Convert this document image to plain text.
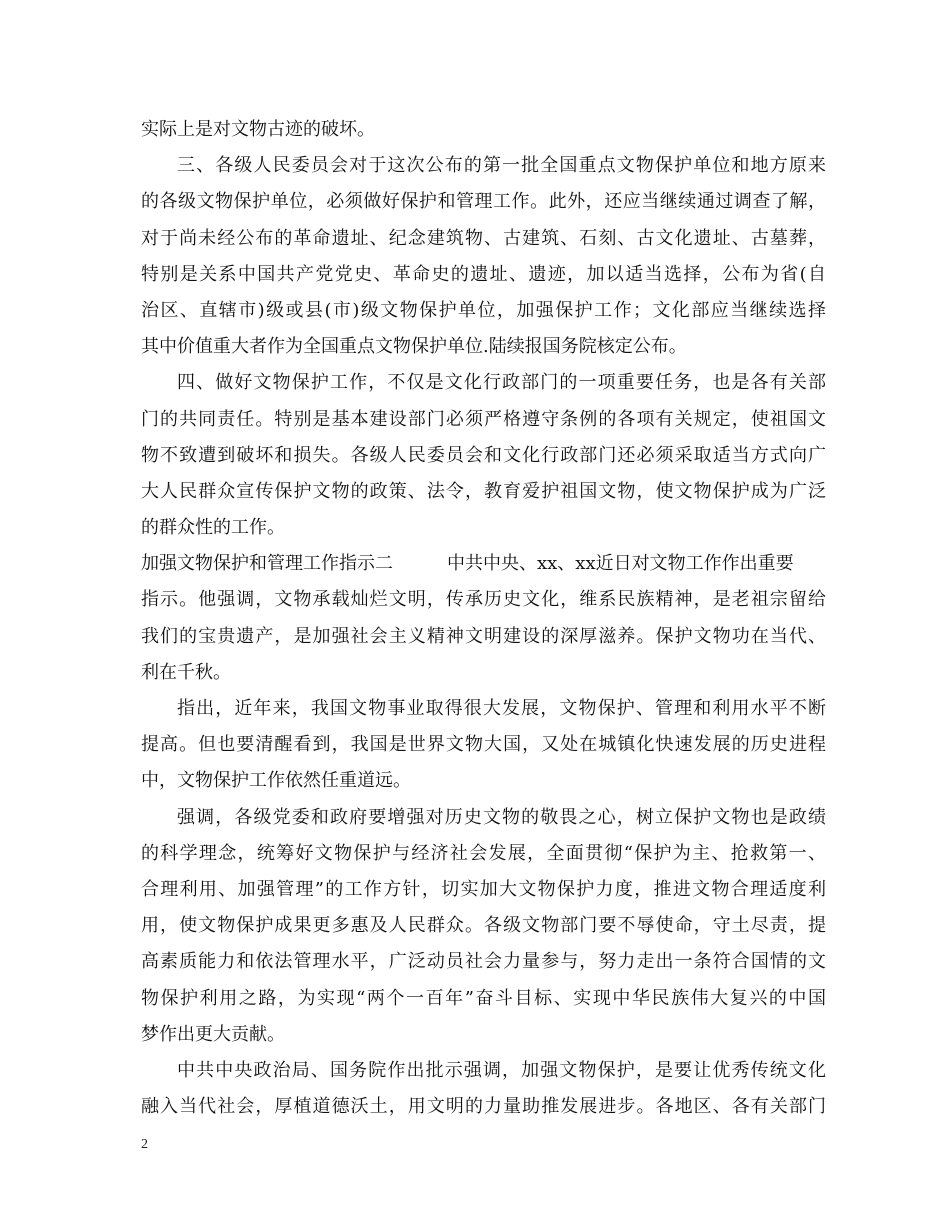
实际上是对文物古迹的破坏。
三、各级人民委员会对于这次公布的第一批全国重点文物保护单位和地方原来
的各级文物保护单位，必须做好保护和管理工作。此外，还应当继续通过调查了解，
对于尚未经公布的革命遗址、纪念建筑物、古建筑、石刻、古文化遗址、古墓葬，
特别是关系中国共产党党史、革命史的遗址、遗迹，加以适当选择，公布为省(自
治区、直辖市)级或县(市)级文物保护单位，加强保护工作；文化部应当继续选择
其中价值重大者作为全国重点文物保护单位.陆续报国务院核定公布。
四、做好文物保护工作，不仅是文化行政部门的一项重要任务，也是各有关部
门的共同责任。特别是基本建设部门必须严格遵守条例的各项有关规定，使祖国文
物不致遭到破坏和损失。各级人民委员会和文化行政部门还必须采取适当方式向广
大人民群众宣传保护文物的政策、法令，教育爱护祖国文物，使文物保护成为广泛
的群众性的工作。
加强文物保护和管理工作指示二	中共中央、xx、xx近日对文物工作作出重要
指示。他强调，文物承载灿烂文明，传承历史文化，维系民族精神，是老祖宗留给
我们的宝贵遗产，是加强社会主义精神文明建设的深厚滋养。保护文物功在当代、
利在千秋。
指出，近年来，我国文物事业取得很大发展，文物保护、管理和利用水平不断
提高。但也要清醒看到，我国是世界文物大国，又处在城镇化快速发展的历史进程
中，文物保护工作依然任重道远。
强调，各级党委和政府要增强对历史文物的敬畏之心，树立保护文物也是政绩
的科学理念，统筹好文物保护与经济社会发展，全面贯彻“保护为主、抢救第一、
合理利用、加强管理”的工作方针，切实加大文物保护力度，推进文物合理适度利
用，使文物保护成果更多惠及人民群众。各级文物部门要不辱使命，守土尽责，提
高素质能力和依法管理水平，广泛动员社会力量参与，努力走出一条符合国情的文
物保护利用之路，为实现“两个一百年”奋斗目标、实现中华民族伟大复兴的中国
梦作出更大贡献。
中共中央政治局、国务院作出批示强调，加强文物保护，是要让优秀传统文化
融入当代社会，厚植道德沃土，用文明的力量助推发展进步。各地区、各有关部门
2
